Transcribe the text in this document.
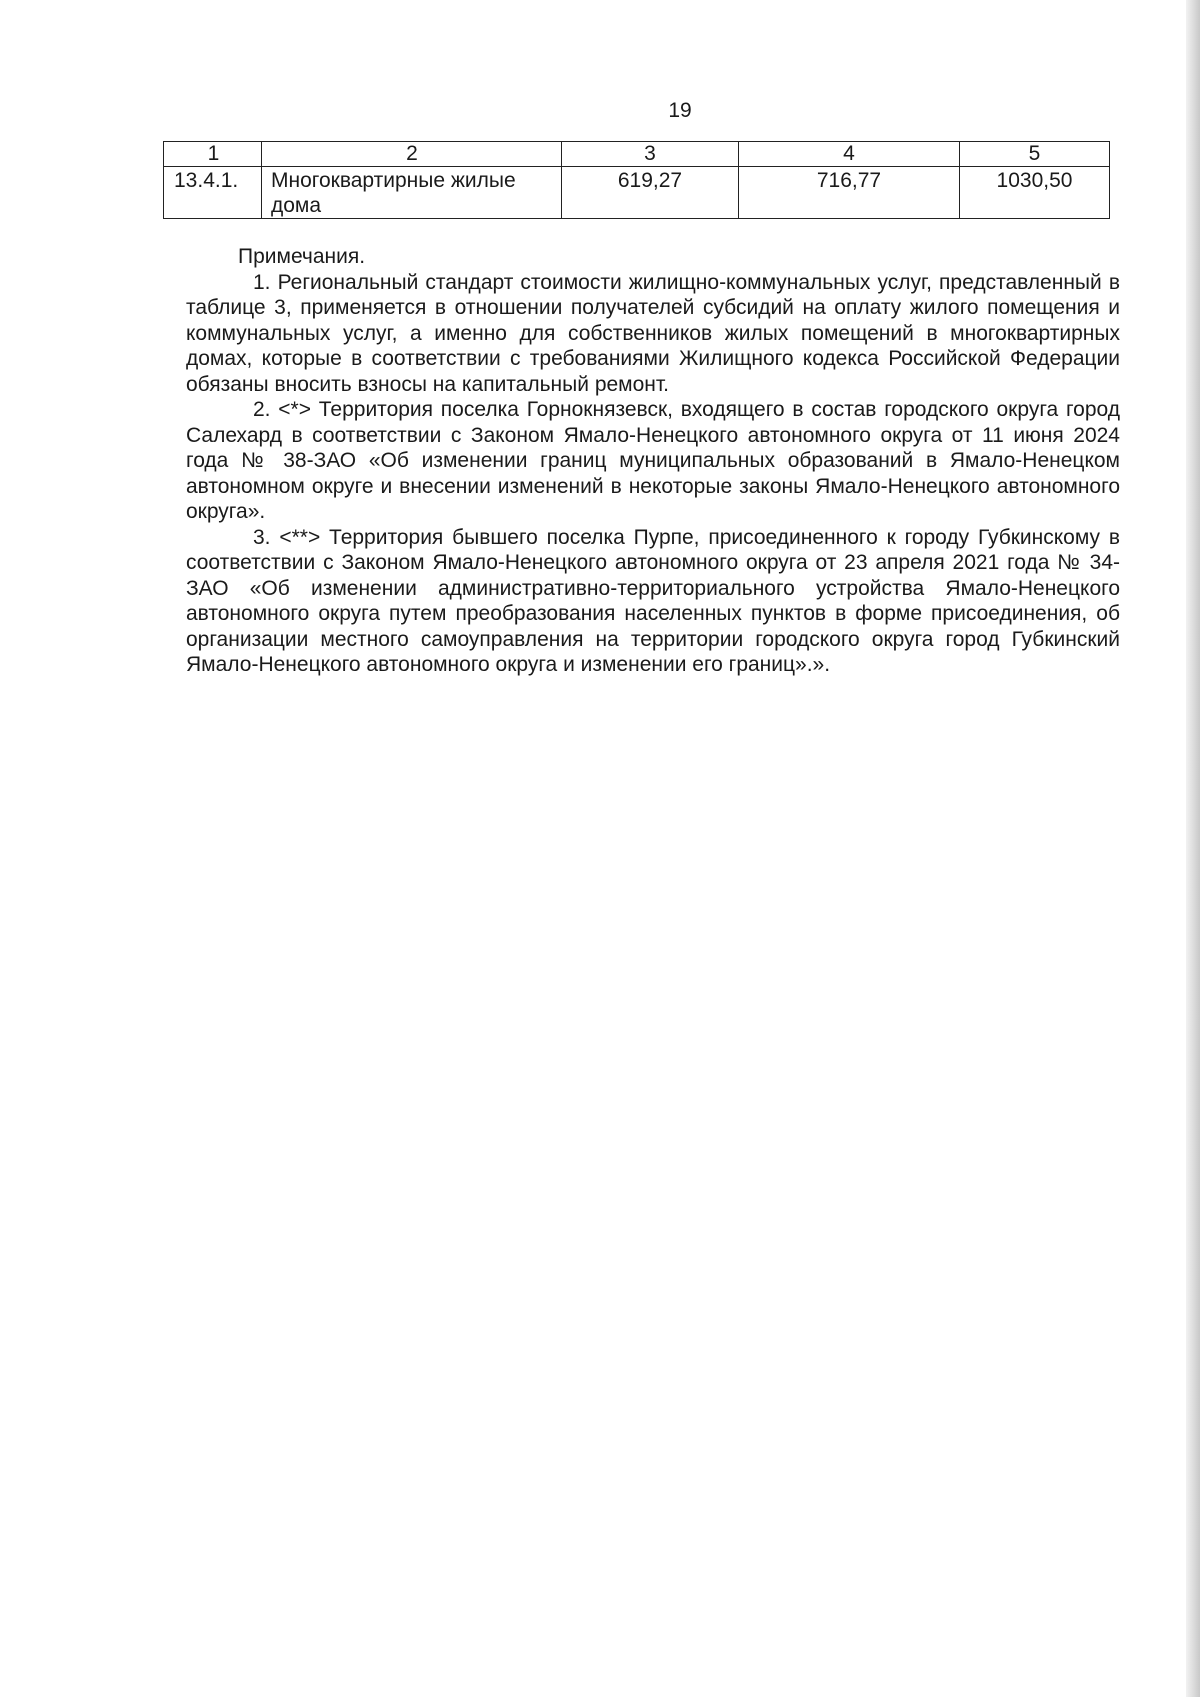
19
1	2	3	4	5
13.4.1.	Многоквартирные жилые дома	619,27	716,77	1030,50

Примечания.

1. Региональный стандарт стоимости жилищно-коммунальных услуг, представленный в таблице 3, применяется в отношении получателей субсидий на оплату жилого помещения и коммунальных услуг, а именно для собственников жилых помещений в многоквартирных домах, которые в соответствии с требованиями Жилищного кодекса Российской Федерации обязаны вносить взносы на капитальный ремонт.

2. <*> Территория поселка Горнокнязевск, входящего в состав городского округа город Салехард в соответствии с Законом Ямало-Ненецкого автономного округа от 11 июня 2024 года № 38-ЗАО «Об изменении границ муниципальных образований в Ямало-Ненецком автономном округе и внесении изменений в некоторые законы Ямало-Ненецкого автономного округа».

3. <**> Территория бывшего поселка Пурпе, присоединенного к городу Губкинскому в соответствии с Законом Ямало-Ненецкого автономного округа от 23 апреля 2021 года № 34-ЗАО «Об изменении административно-территориального устройства Ямало-Ненецкого автономного округа путем преобразования населенных пунктов в форме присоединения, об организации местного самоуправления на территории городского округа город Губкинский Ямало-Ненецкого автономного округа и изменении его границ».».
